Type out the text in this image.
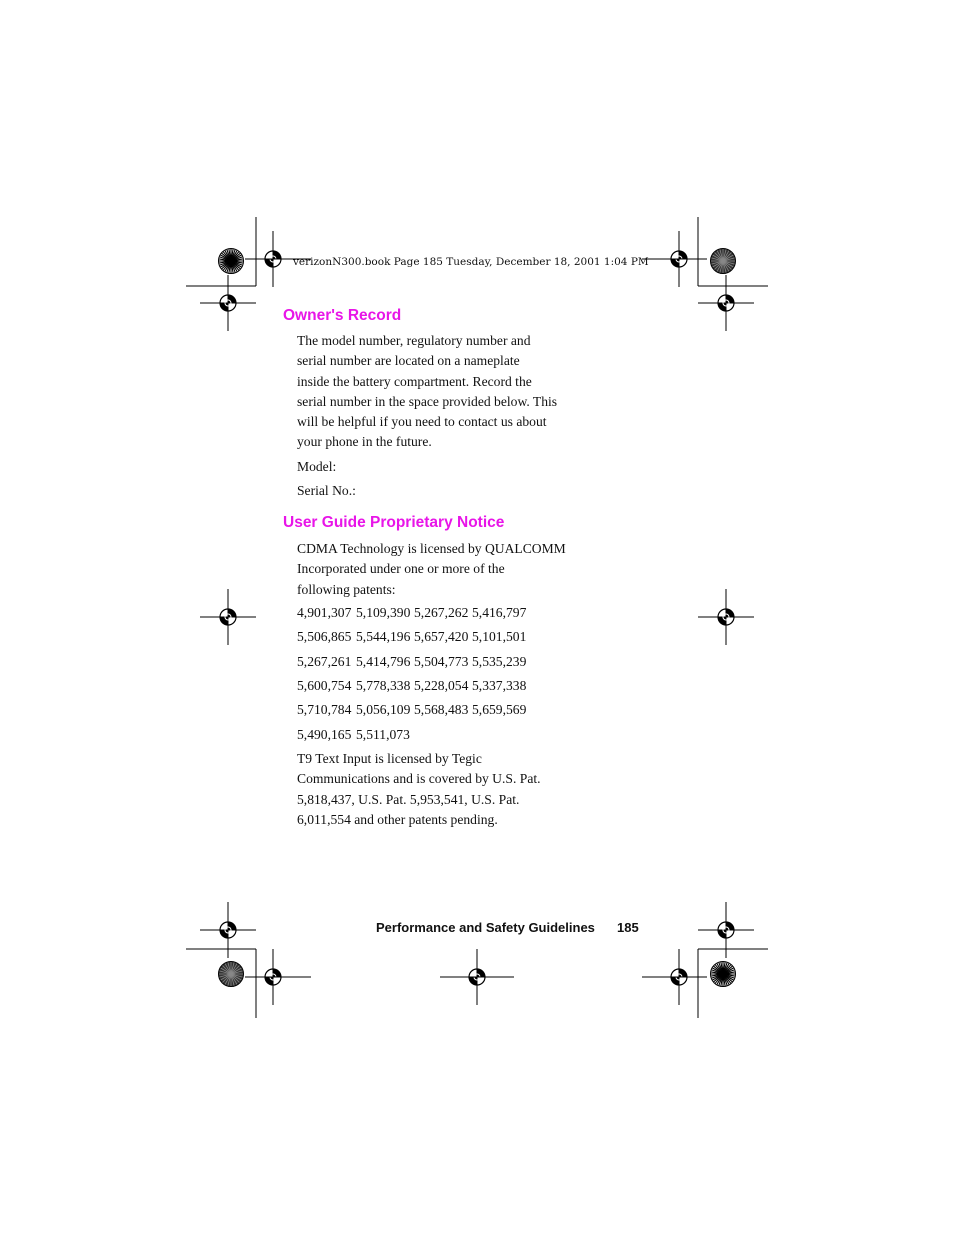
verizonN300.book Page 185 Tuesday, December 18, 2001 1:04 PM
Owner's Record
The model number, regulatory number and
serial number are located on a nameplate
inside the battery compartment. Record the
serial number in the space provided below. This
will be helpful if you need to contact us about
your phone in the future.
Model:
Serial No.:
User Guide Proprietary Notice
CDMA Technology is licensed by QUALCOMM
Incorporated under one or more of the
following patents:
4,901,307 5,109,390 5,267,262 5,416,797
5,506,865 5,544,196 5,657,420 5,101,501
5,267,261 5,414,796 5,504,773 5,535,239
5,600,754 5,778,338 5,228,054 5,337,338
5,710,784 5,056,109 5,568,483 5,659,569
5,490,165 5,511,073
T9 Text Input is licensed by Tegic
Communications and is covered by U.S. Pat.
5,818,437, U.S. Pat. 5,953,541, U.S. Pat.
6,011,554 and other patents pending.
Performance and Safety Guidelines 185
